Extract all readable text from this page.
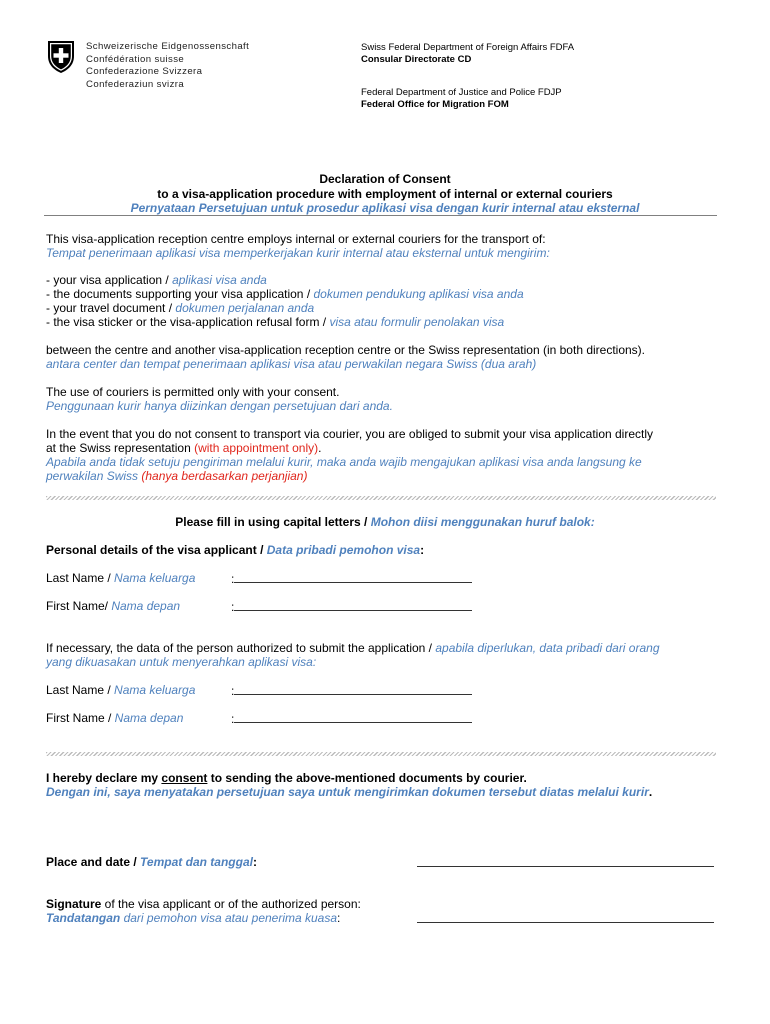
Schweizerische Eidgenossenschaft
Confédération suisse
Confederazione Svizzera
Confederaziun svizra
Swiss Federal Department of Foreign Affairs FDFA
Consular Directorate CD
Federal Department of Justice and Police FDJP
Federal Office for Migration FOM
Declaration of Consent
to a visa-application procedure with employment of internal or external couriers
Pernyataan Persetujuan untuk prosedur aplikasi visa dengan kurir internal atau eksternal
This visa-application reception centre employs internal or external couriers for the transport of:
Tempat penerimaan aplikasi visa memperkerjakan kurir internal atau eksternal untuk mengirim:
- your visa application / aplikasi visa anda
- the documents supporting your visa application / dokumen pendukung aplikasi visa anda
- your travel document / dokumen perjalanan anda
- the visa sticker or the visa-application refusal form / visa atau formulir penolakan visa
between the centre and another visa-application reception centre or the Swiss representation (in both directions).
antara center dan tempat penerimaan aplikasi visa atau perwakilan negara Swiss (dua arah)
The use of couriers is permitted only with your consent.
Penggunaan kurir hanya diizinkan dengan persetujuan dari anda.
In the event that you do not consent to transport via courier, you are obliged to submit your visa application directly
at the Swiss representation (with appointment only).
Apabila anda tidak setuju pengiriman melalui kurir, maka anda wajib mengajukan aplikasi visa anda langsung ke
perwakilan Swiss (hanya berdasarkan perjanjian)
Please fill in using capital letters / Mohon diisi menggunakan huruf balok:
Personal details of the visa applicant / Data pribadi pemohon visa:
Last Name / Nama keluarga	:
First Name/ Nama depan	:
If necessary, the data of the person authorized to submit the application / apabila diperlukan, data pribadi dari orang
yang dikuasakan untuk menyerahkan aplikasi visa:
Last Name / Nama keluarga	:
First Name / Nama depan	:
I hereby declare my consent to sending the above-mentioned documents by courier.
Dengan ini, saya menyatakan persetujuan saya untuk mengirimkan dokumen tersebut diatas melalui kurir.
Place and date / Tempat dan tanggal:
Signature of the visa applicant or of the authorized person:
Tandatangan dari pemohon visa atau penerima kuasa:
